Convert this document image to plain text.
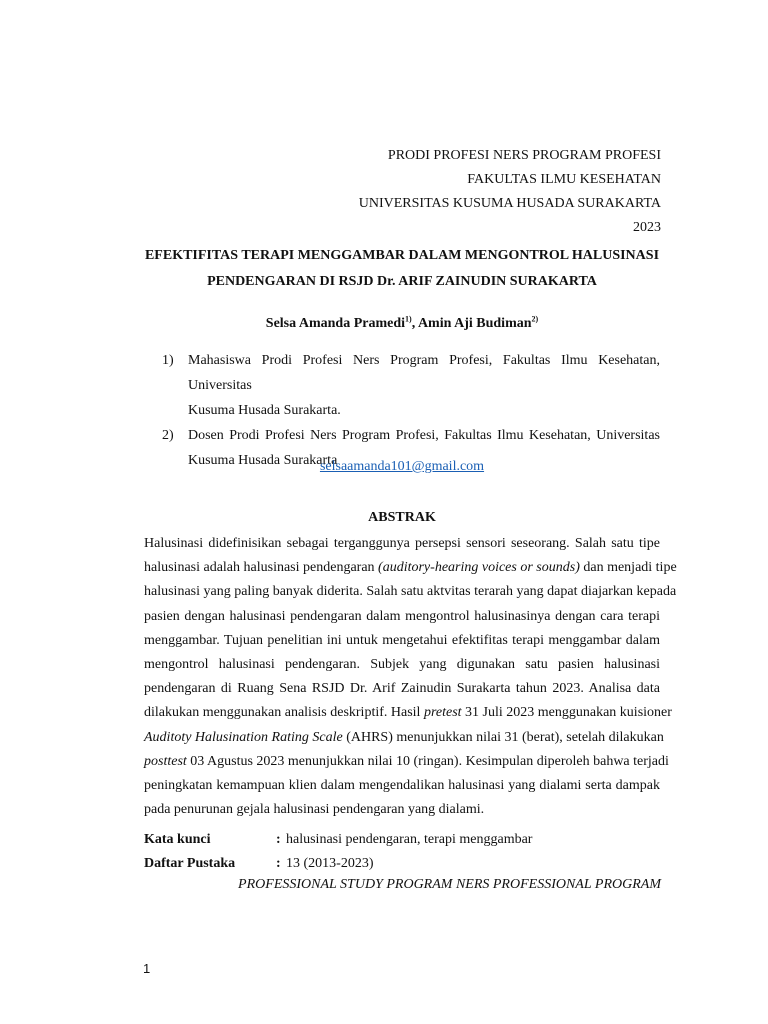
PRODI PROFESI NERS PROGRAM PROFESI
FAKULTAS ILMU KESEHATAN
UNIVERSITAS KUSUMA HUSADA SURAKARTA
2023
EFEKTIFITAS TERAPI MENGGAMBAR DALAM MENGONTROL HALUSINASI
PENDENGARAN DI RSJD Dr. ARIF ZAINUDIN SURAKARTA
Selsa Amanda Pramedi$^{1)}$, Amin Aji Budiman$^{2)}$
1)	Mahasiswa Prodi Profesi Ners Program Profesi, Fakultas Ilmu Kesehatan, Universitas
Kusuma Husada Surakarta.
2)	Dosen Prodi Profesi Ners Program Profesi, Fakultas Ilmu Kesehatan, Universitas
Kusuma Husada Surakarta
selsaamanda101@gmail.com
ABSTRAK
Halusinasi didefinisikan sebagai terganggunya persepsi sensori seseorang. Salah satu tipe
halusinasi adalah halusinasi pendengaran (auditory-hearing voices or sounds) dan menjadi tipe
halusinasi yang paling banyak diderita. Salah satu aktvitas terarah yang dapat diajarkan kepada
pasien dengan halusinasi pendengaran dalam mengontrol halusinasinya dengan cara terapi
menggambar. Tujuan penelitian ini untuk mengetahui efektifitas terapi menggambar dalam
mengontrol halusinasi pendengaran. Subjek yang digunakan satu pasien halusinasi
pendengaran di Ruang Sena RSJD Dr. Arif Zainudin Surakarta tahun 2023. Analisa data
dilakukan menggunakan analisis deskriptif. Hasil pretest 31 Juli 2023 menggunakan kuisioner
Auditoty Halusination Rating Scale (AHRS) menunjukkan nilai 31 (berat), setelah dilakukan
posttest 03 Agustus 2023 menunjukkan nilai 10 (ringan). Kesimpulan diperoleh bahwa terjadi
peningkatan kemampuan klien dalam mengendalikan halusinasi yang dialami serta dampak
pada penurunan gejala halusinasi pendengaran yang dialami.
Kata kunci	: halusinasi pendengaran, terapi menggambar
Daftar Pustaka	: 13 (2013-2023)
PROFESSIONAL STUDY PROGRAM NERS PROFESSIONAL PROGRAM
1
